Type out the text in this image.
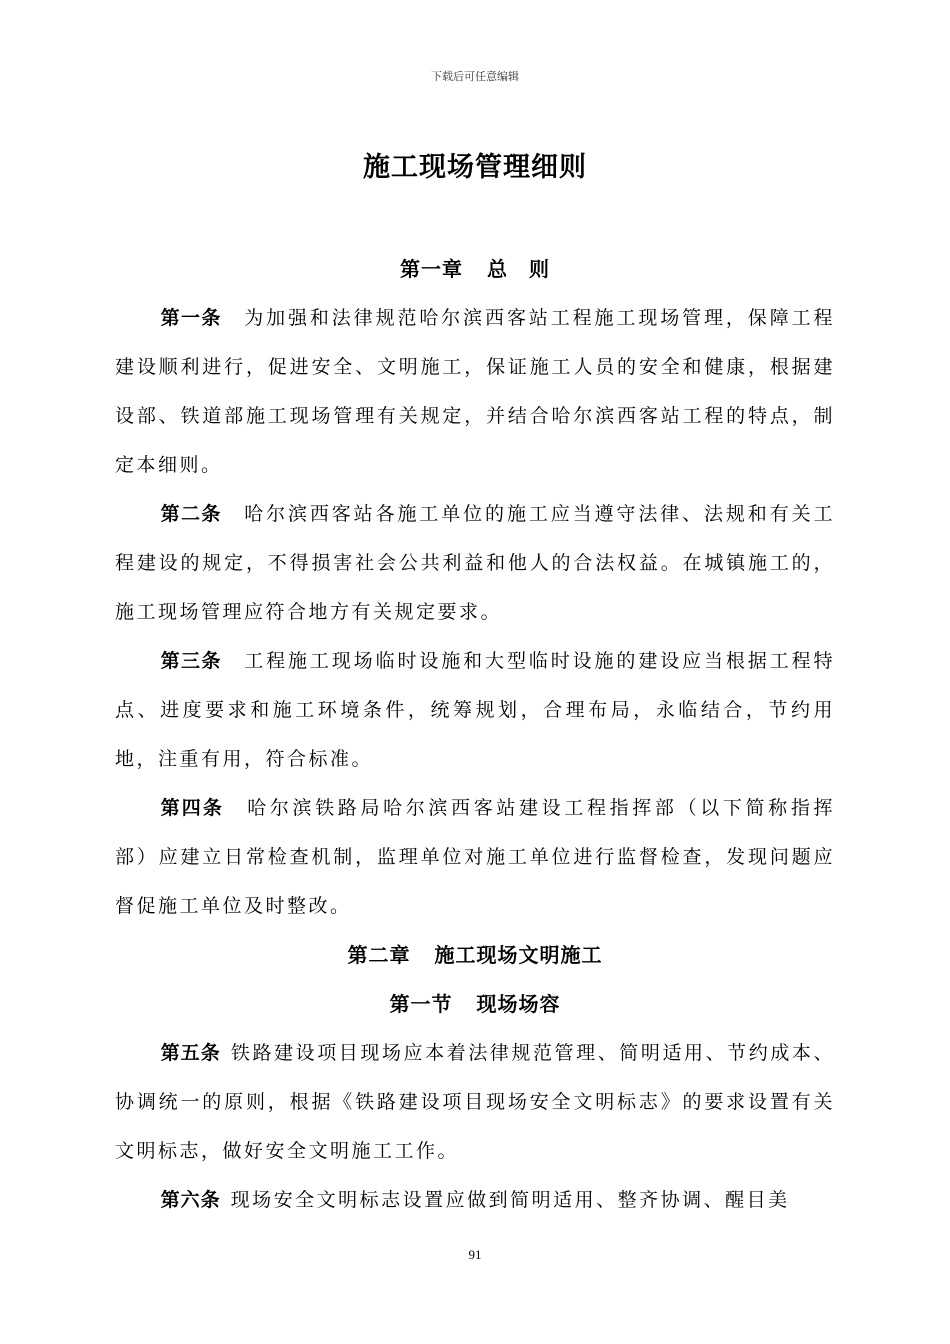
下载后可任意编辑
施工现场管理细则
第一章 总　则
第一条 为加强和法律规范哈尔滨西客站工程施工现场管理，保障工程建设顺利进行，促进安全、文明施工，保证施工人员的安全和健康，根据建设部、铁道部施工现场管理有关规定，并结合哈尔滨西客站工程的特点，制定本细则。
第二条 哈尔滨西客站各施工单位的施工应当遵守法律、法规和有关工程建设的规定，不得损害社会公共利益和他人的合法权益。在城镇施工的，施工现场管理应符合地方有关规定要求。
第三条 工程施工现场临时设施和大型临时设施的建设应当根据工程特点、进度要求和施工环境条件，统筹规划，合理布局，永临结合，节约用地，注重有用，符合标准。
第四条 哈尔滨铁路局哈尔滨西客站建设工程指挥部（以下简称指挥部）应建立日常检查机制，监理单位对施工单位进行监督检查，发现问题应督促施工单位及时整改。
第二章 施工现场文明施工
第一节 现场场容
第五条 铁路建设项目现场应本着法律规范管理、简明适用、节约成本、协调统一的原则，根据《铁路建设项目现场安全文明标志》的要求设置有关文明标志，做好安全文明施工工作。
第六条 现场安全文明标志设置应做到简明适用、整齐协调、醒目美
91
